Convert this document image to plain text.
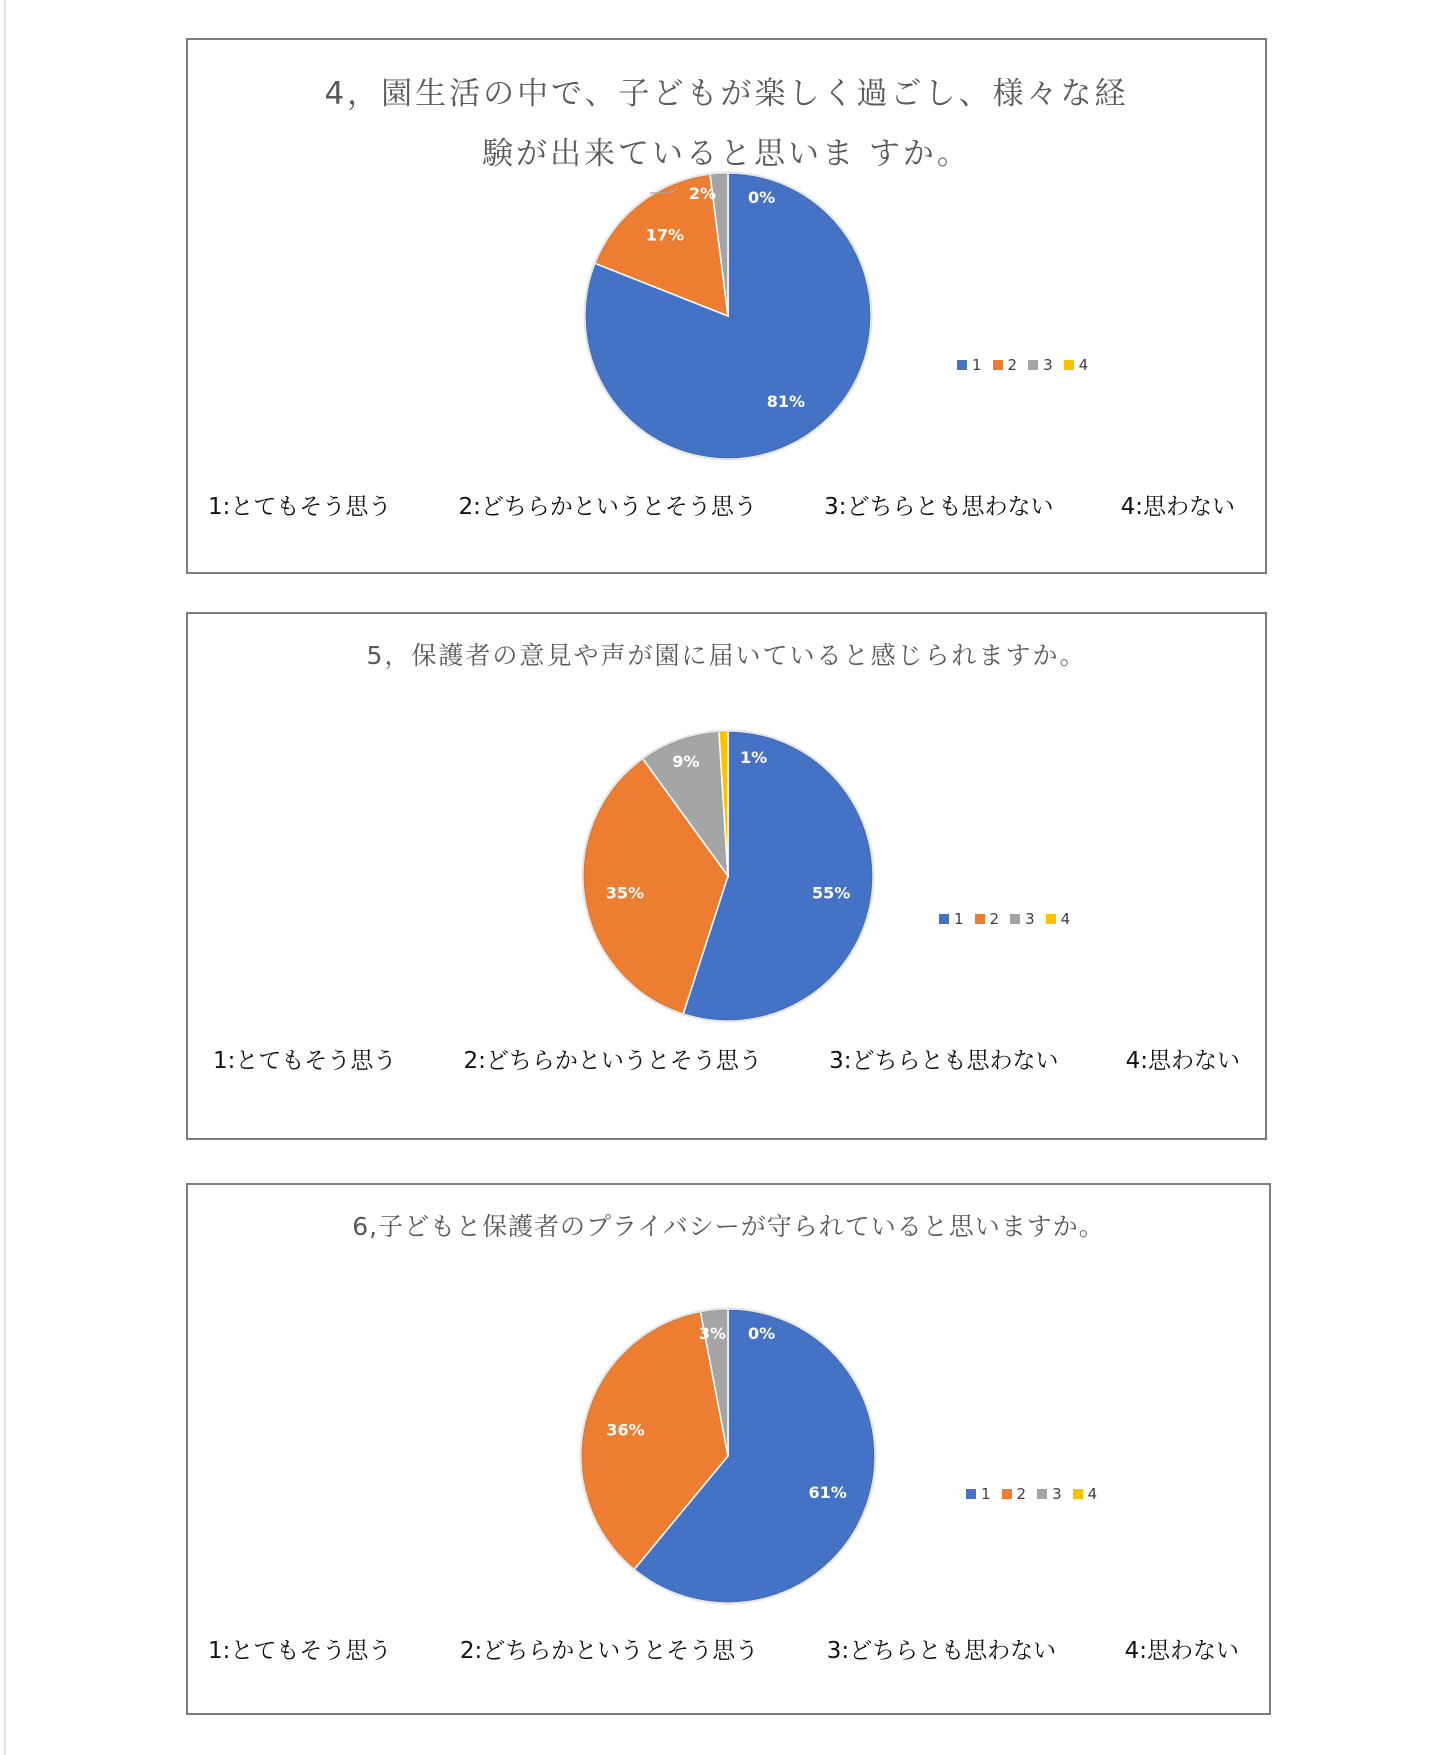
4，園生活の中で、子どもが楽しく過ごし、様々な経
験が出来ていると思いま すか。
81%
17%
2% 0%
1 2 3 4
1:とてもそう思う	2:どちらかというとそう思う	3:どちらとも思わない	4:思わない
5，保護者の意見や声が園に届いていると感じられますか。
55%
35%
9%	1%
1 2 3 4
1:とてもそう思う	2:どちらかというとそう思う	3:どちらとも思わない	4:思わない
6,子どもと保護者のプライバシーが守られていると思いますか。
61%
36%
3% 0%
1 2 3 4
1:とてもそう思う	2:どちらかというとそう思う	3:どちらとも思わない	4:思わない
